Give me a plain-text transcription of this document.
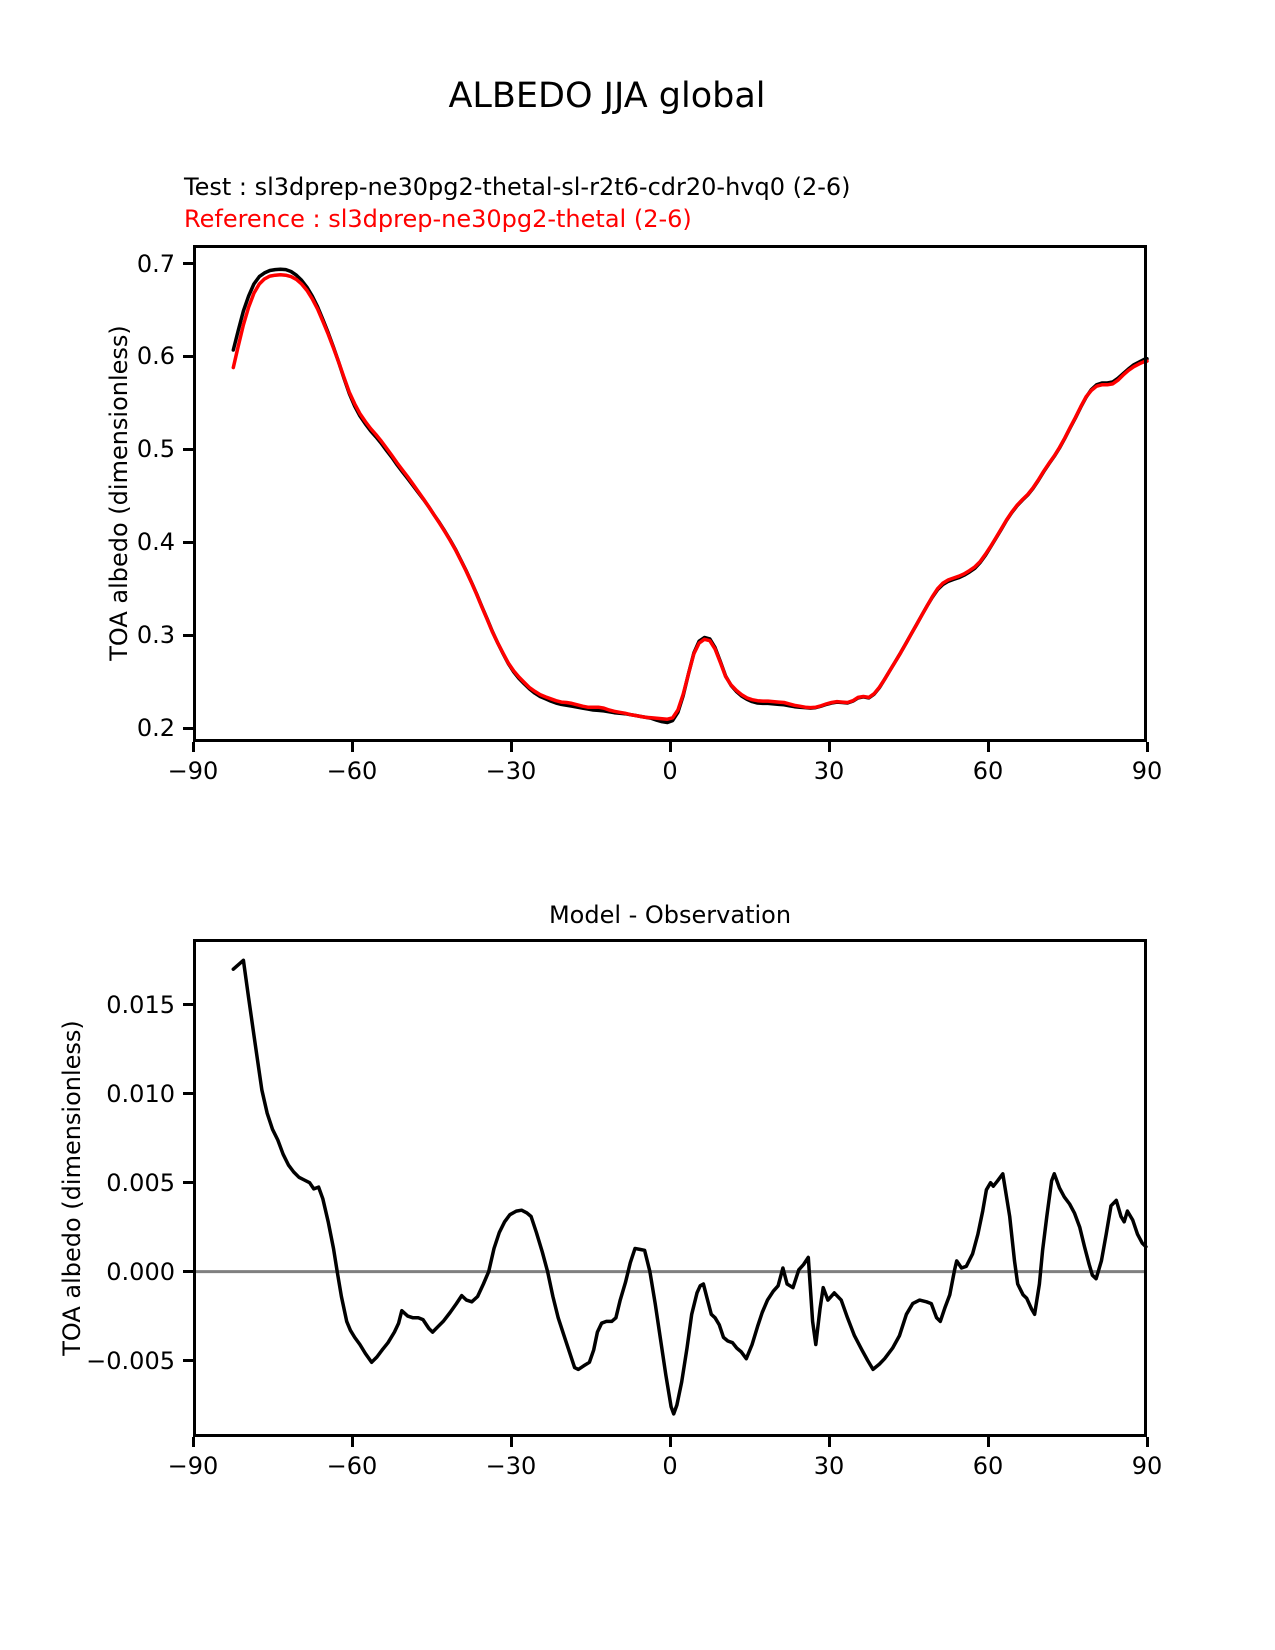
ALBEDO JJA global
Test : sl3dprep-ne30pg2-thetal-sl-r2t6-cdr20-hvq0 (2-6)
Reference : sl3dprep-ne30pg2-thetal (2-6)
TOA albedo (dimensionless)
Model - Observation
TOA albedo (dimensionless)
−90	−60	−30	0	30	60	90
0.7
0.6
0.5
0.4
0.3
0.2
−90	−60	−30	0	30	60	90
0.015
0.010
0.005
0.000
−0.005
